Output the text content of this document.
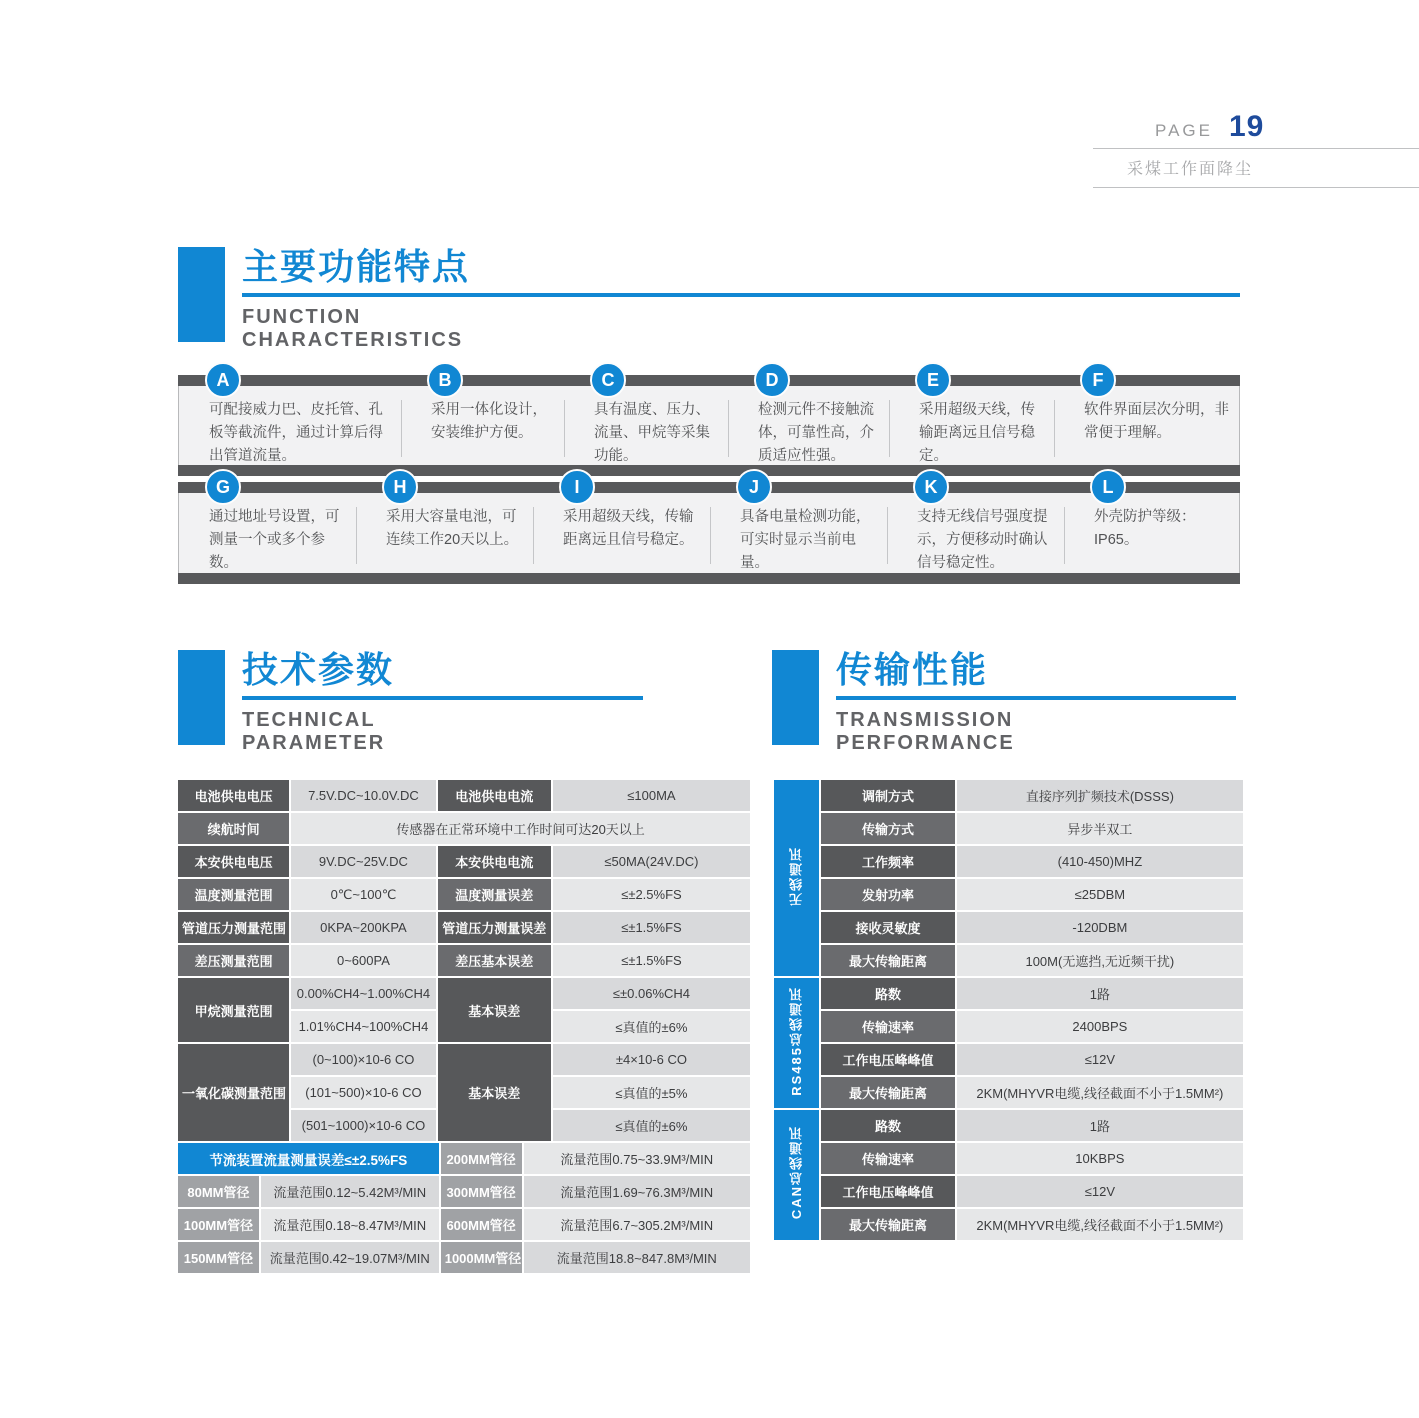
PAGE 19
采煤工作面降尘
主要功能特点
FUNCTION
CHARACTERISTICS
A
可配接威力巴、皮托管、孔板等截流件，通过计算后得出管道流量。
B
采用一体化设计，安装维护方便。
C
具有温度、压力、流量、甲烷等采集功能。
D
检测元件不接触流体，可靠性高，介质适应性强。
E
采用超级天线，传输距离远且信号稳定。
F
软件界面层次分明，非常便于理解。
G
通过地址号设置，可测量一个或多个参数。
H
采用大容量电池，可连续工作20天以上。
I
采用超级天线，传输距离远且信号稳定。
J
具备电量检测功能，可实时显示当前电量。
K
支持无线信号强度提示，方便移动时确认信号稳定性。
L
外壳防护等级：IP65。
技术参数
TECHNICAL
PARAMETER
传输性能
TRANSMISSION
PERFORMANCE
电池供电电压	7.5V.DC~10.0V.DC	电池供电电流	≤100MA
续航时间	传感器在正常环境中工作时间可达20天以上		
本安供电电压	9V.DC~25V.DC	本安供电电流	≤50MA(24V.DC)
温度测量范围	0℃~100℃	温度测量误差	≤±2.5%FS
管道压力测量范围	0KPA~200KPA	管道压力测量误差	≤±1.5%FS
差压测量范围	0~600PA	差压基本误差	≤±1.5%FS
甲烷测量范围	0.00%CH4~1.00%CH4	基本误差	≤±0.06%CH4
	1.01%CH4~100%CH4		≤真值的±6%
一氧化碳测量范围	(0~100)×10-6 CO	基本误差	±4×10-6 CO
	(101~500)×10-6 CO		≤真值的±5%
	(501~1000)×10-6 CO		≤真值的±6%
节流装置流量测量误差≤±2.5%FS		200MM管径	流量范围0.75~33.9M³/MIN
80MM管径	流量范围0.12~5.42M³/MIN	300MM管径	流量范围1.69~76.3M³/MIN
100MM管径	流量范围0.18~8.47M³/MIN	600MM管径	流量范围6.7~305.2M³/MIN
150MM管径	流量范围0.42~19.07M³/MIN	1000MM管径	流量范围18.8~847.8M³/MIN
无线通讯	调制方式	直接序列扩频技术(DSSS)
	传输方式	异步半双工
	工作频率	(410-450)MHZ
	发射功率	≤25DBM
	接收灵敏度	-120DBM
	最大传输距离	100M(无遮挡,无近频干扰)
RS485总线通讯	路数	1路
	传输速率	2400BPS
	工作电压峰峰值	≤12V
	最大传输距离	2KM(MHYVR电缆,线径截面不小于1.5MM²)
CAN总线通讯	路数	1路
	传输速率	10KBPS
	工作电压峰峰值	≤12V
	最大传输距离	2KM(MHYVR电缆,线径截面不小于1.5MM²)
